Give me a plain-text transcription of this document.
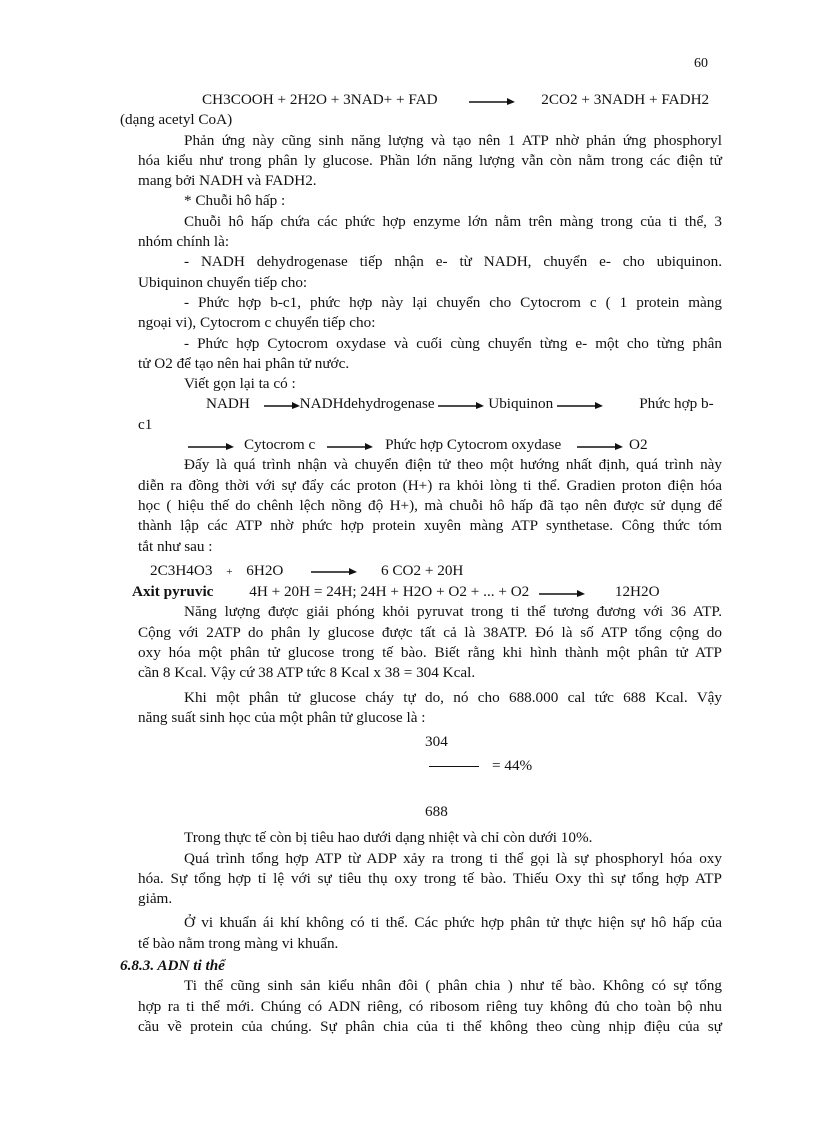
60
CH3COOH + 2H2O + 3NAD+ + FAD	2CO2 + 3NADH + FADH2
(dạng acetyl CoA)
Phản ứng này cũng sinh năng lượng và tạo nên 1 ATP nhờ phản ứng phosphoryl
hóa kiểu như trong phân ly glucose. Phần lớn năng lượng vẫn còn nằm trong các điện tử
mang bởi NADH và FADH2.
* Chuỗi hô hấp :
Chuỗi hô hấp chứa các phức hợp enzyme lớn nằm trên màng trong của ti thể, 3
nhóm chính là:
- NADH dehydrogenase tiếp nhận e- từ NADH, chuyển e- cho ubiquinon.
Ubiquinon chuyển tiếp cho:
- Phức hợp b-c1, phức hợp này lại chuyển cho Cytocrom c ( 1 protein màng
ngoại vi), Cytocrom c chuyển tiếp cho:
- Phức hợp Cytocrom oxydase và cuối cùng chuyển từng e- một cho từng phân
tử O2 để tạo nên hai phân tử nước.
Viết gọn lại ta có :
NADH	NADHdehydrogenase	Ubiquinon	Phức hợp b-
c1
Cytocrom c	Phức hợp Cytocrom oxydase	O2
Đấy là quá trình nhận và chuyển điện tử theo một hướng nhất định, quá trình này
diễn ra đồng thời với sự đẩy các proton (H+) ra khỏi lòng ti thể. Gradien proton điện hóa
học ( hiệu thế do chênh lệch nồng độ H+), mà chuỗi hô hấp đã tạo nên được sử dụng để
thành lập các ATP nhờ phức hợp protein xuyên màng ATP synthetase. Công thức tóm
tắt như sau :
2C3H4O3 + 6H2O	6 CO2 + 20H
Axit pyruvic 4H + 20H = 24H; 24H + H2O + O2 + ... + O2	12H2O
Năng lượng được giải phóng khỏi pyruvat trong ti thể tương đương với 36 ATP.
Cộng với 2ATP do phân ly glucose được tất cả là 38ATP. Đó là số ATP tổng cộng do
oxy hóa một phân tử glucose trong tế bào. Biết rằng khi hình thành một phân tử ATP
cần 8 Kcal. Vậy cứ 38 ATP tức 8 Kcal x 38 = 304 Kcal.
Khi một phân tử glucose cháy tự do, nó cho 688.000 cal tức 688 Kcal. Vậy
năng suất sinh học của một phân tử glucose là :
304
= 44%
688
Trong thực tế còn bị tiêu hao dưới dạng nhiệt và chỉ còn dưới 10%.
Quá trình tổng hợp ATP từ ADP xảy ra trong ti thể gọi là sự phosphoryl hóa oxy
hóa. Sự tổng hợp tỉ lệ với sự tiêu thụ oxy trong tế bào. Thiếu Oxy thì sự tổng hợp ATP
giảm.
Ở vi khuẩn ái khí không có ti thể. Các phức hợp phân tử thực hiện sự hô hấp của
tế bào nằm trong màng vi khuẩn.
6.8.3. ADN ti thể
Ti thể cũng sinh sản kiểu nhân đôi ( phân chia ) như tế bào. Không có sự tổng
hợp ra ti thể mới. Chúng có ADN riêng, có ribosom riêng tuy không đủ cho toàn bộ nhu
cầu về protein của chúng. Sự phân chia của ti thể không theo cùng nhịp điệu của sự
